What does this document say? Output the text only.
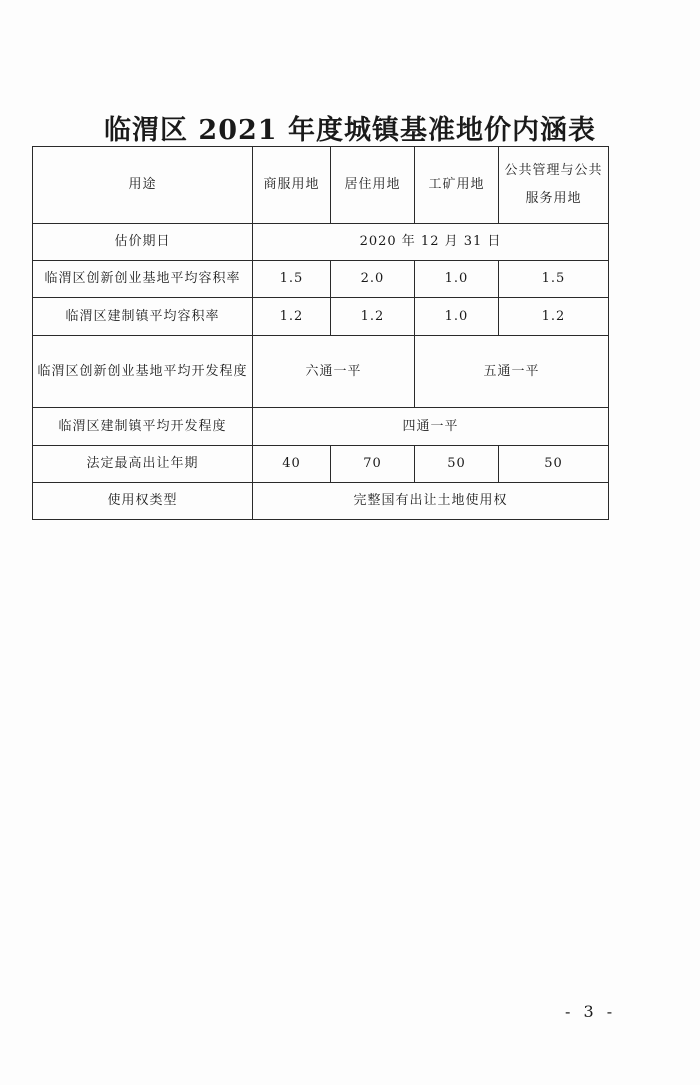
临渭区 2021 年度城镇基准地价内涵表
用途	商服用地	居住用地	工矿用地	公共管理与公共服务用地
估价期日	2020 年 12 月 31 日			
临渭区创新创业基地平均容积率	1.5	2.0	1.0	1.5
临渭区建制镇平均容积率	1.2	1.2	1.0	1.2
临渭区创新创业基地平均开发程度	六通一平		五通一平	
临渭区建制镇平均开发程度	四通一平			
法定最高出让年期	40	70	50	50
使用权类型	完整国有出让土地使用权			
- 3 -
